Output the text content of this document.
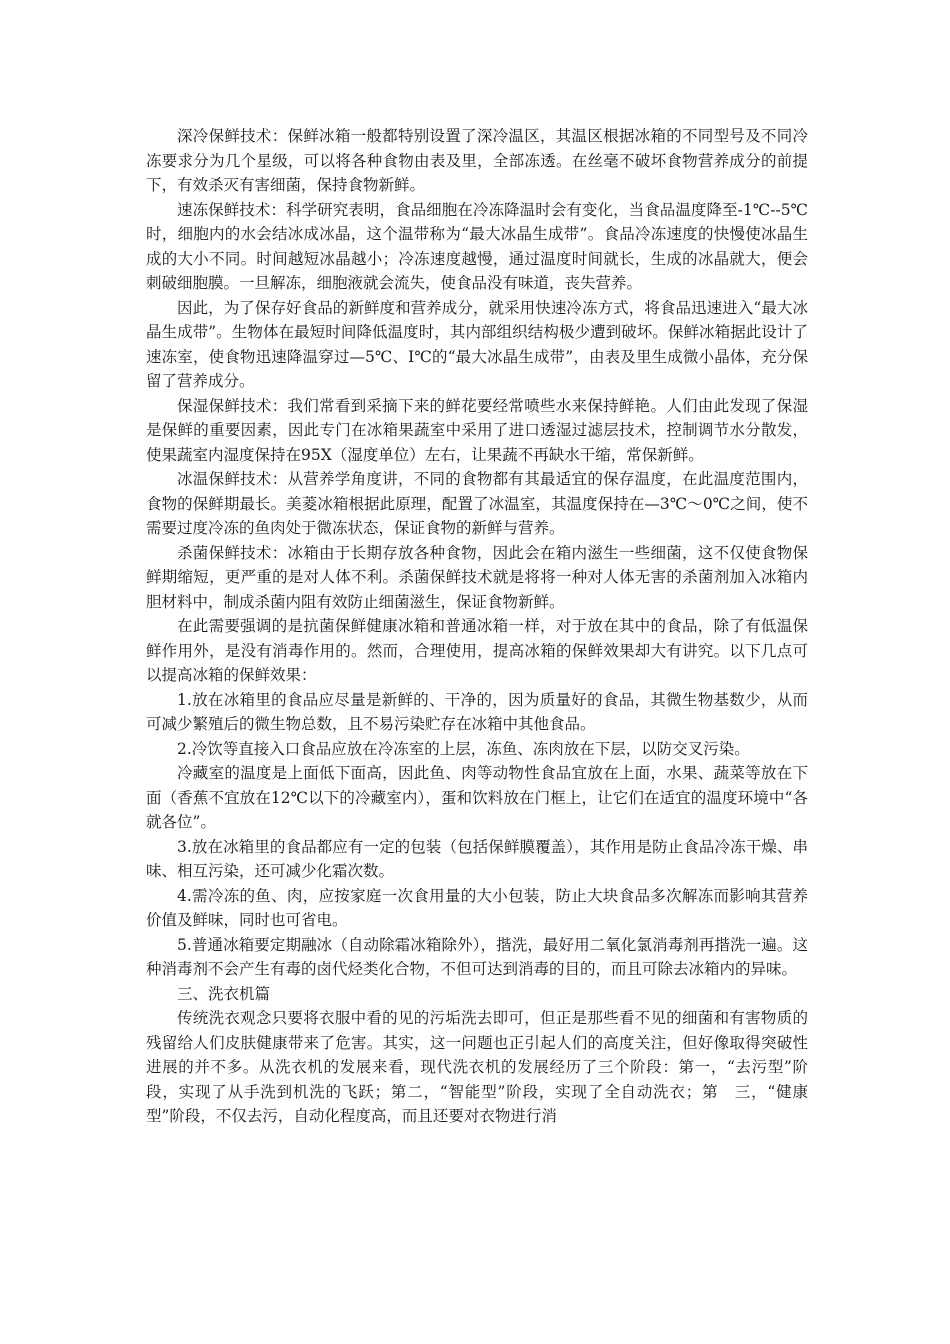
深冷保鲜技术：保鲜冰箱一般都特别设置了深冷温区，其温区根据冰箱的不同型号及不同冷冻要求分为几个星级，可以将各种食物由表及里，全部冻透。在丝毫不破坏食物营养成分的前提下，有效杀灭有害细菌，保持食物新鲜。

速冻保鲜技术：科学研究表明，食品细胞在冷冻降温时会有变化，当食品温度降至-1℃--5℃时，细胞内的水会结冰成冰晶，这个温带称为“最大冰晶生成带”。食品冷冻速度的快慢使冰晶生成的大小不同。时间越短冰晶越小；冷冻速度越慢，通过温度时间就长，生成的冰晶就大，便会刺破细胞膜。一旦解冻，细胞液就会流失，使食品没有味道，丧失营养。

因此，为了保存好食品的新鲜度和营养成分，就采用快速冷冻方式，将食品迅速进入“最大冰晶生成带”。生物体在最短时间降低温度时，其内部组织结构极少遭到破坏。保鲜冰箱据此设计了速冻室，使食物迅速降温穿过—5℃、I℃的“最大冰晶生成带”，由表及里生成微小晶体，充分保留了营养成分。

保湿保鲜技术：我们常看到采摘下来的鲜花要经常喷些水来保持鲜艳。人们由此发现了保湿是保鲜的重要因素，因此专门在冰箱果蔬室中采用了进口透湿过滤层技术，控制调节水分散发，使果蔬室内湿度保持在95X（湿度单位）左右，让果蔬不再缺水干缩，常保新鲜。

冰温保鲜技术：从营养学角度讲，不同的食物都有其最适宜的保存温度，在此温度范围内，食物的保鲜期最长。美菱冰箱根据此原理，配置了冰温室，其温度保持在—3℃～0℃之间，使不需要过度冷冻的鱼肉处于微冻状态，保证食物的新鲜与营养。

杀菌保鲜技术：冰箱由于长期存放各种食物，因此会在箱内滋生一些细菌，这不仅使食物保鲜期缩短，更严重的是对人体不利。杀菌保鲜技术就是将将一种对人体无害的杀菌剂加入冰箱内胆材料中，制成杀菌内阻有效防止细菌滋生，保证食物新鲜。

在此需要强调的是抗菌保鲜健康冰箱和普通冰箱一样，对于放在其中的食品，除了有低温保鲜作用外，是没有消毒作用的。然而，合理使用，提高冰箱的保鲜效果却大有讲究。以下几点可以提高冰箱的保鲜效果：

1.放在冰箱里的食品应尽量是新鲜的、干净的，因为质量好的食品，其微生物基数少，从而可减少繁殖后的微生物总数，且不易污染贮存在冰箱中其他食品。

2.冷饮等直接入口食品应放在冷冻室的上层，冻鱼、冻肉放在下层，以防交叉污染。

冷藏室的温度是上面低下面高，因此鱼、肉等动物性食品宜放在上面，水果、蔬菜等放在下面（香蕉不宜放在12℃以下的冷藏室内），蛋和饮料放在门框上，让它们在适宜的温度环境中“各就各位”。

3.放在冰箱里的食品都应有一定的包装（包括保鲜膜覆盖），其作用是防止食品冷冻干燥、串味、相互污染，还可减少化霜次数。

4.需冷冻的鱼、肉，应按家庭一次食用量的大小包装，防止大块食品多次解冻而影响其营养价值及鲜味，同时也可省电。

5.普通冰箱要定期融冰（自动除霜冰箱除外），揩洗，最好用二氧化氯消毒剂再揩洗一遍。这种消毒剂不会产生有毒的卤代烃类化合物，不但可达到消毒的目的，而且可除去冰箱内的异味。

三、洗衣机篇

传统洗衣观念只要将衣服中看的见的污垢洗去即可，但正是那些看不见的细菌和有害物质的残留给人们皮肤健康带来了危害。其实，这一问题也正引起人们的高度关注，但好像取得突破性进展的并不多。从洗衣机的发展来看，现代洗衣机的发展经历了三个阶段：第一，“去污型”阶段，实现了从手洗到机洗的飞跃；第二，“智能型”阶段，实现了全自动洗衣；第　三，“健康型”阶段，不仅去污，自动化程度高，而且还要对衣物进行消
